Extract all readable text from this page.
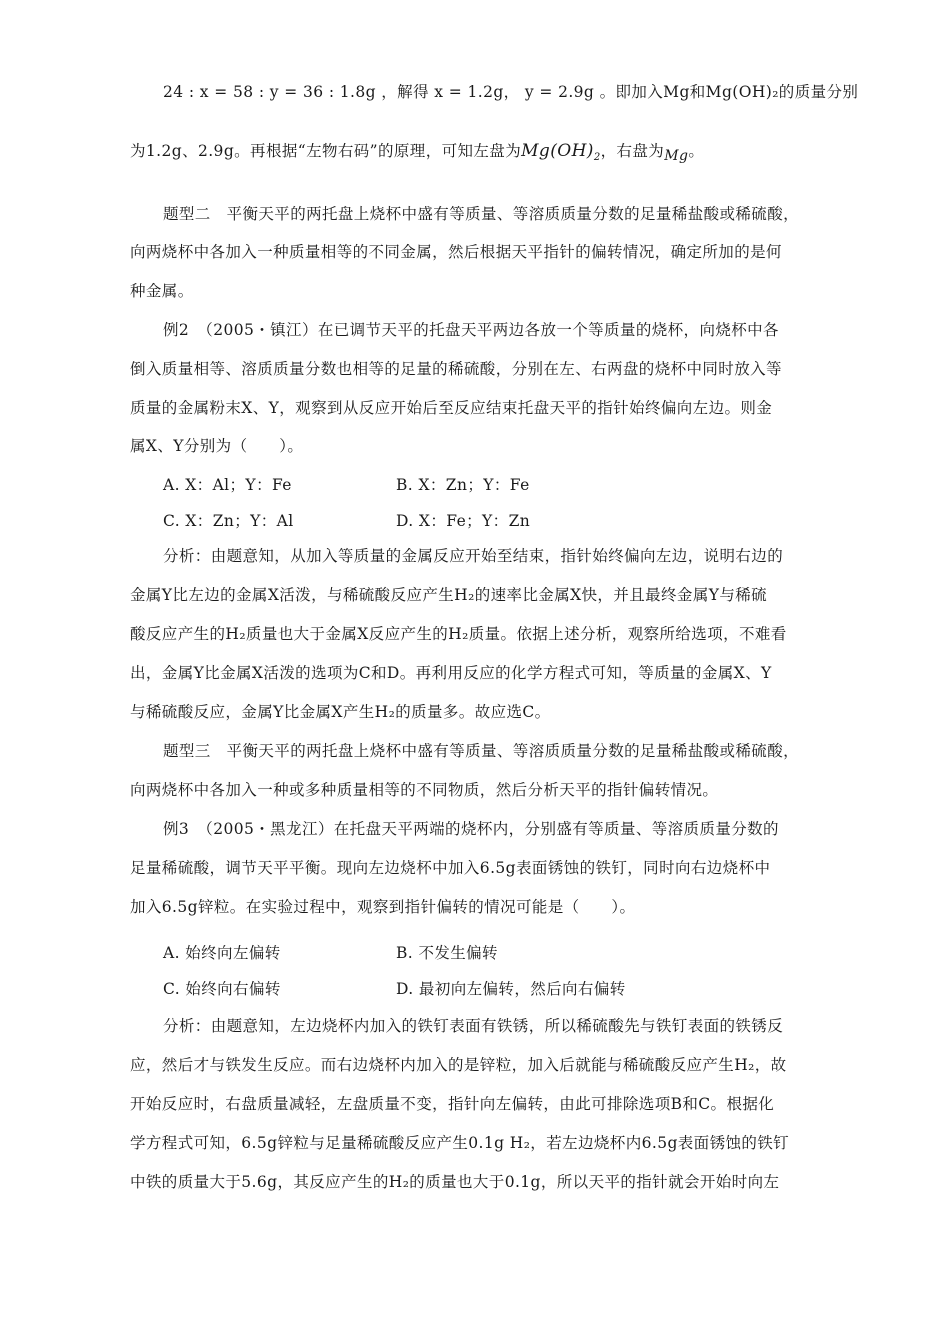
24 : x = 58 : y = 36 : 1.8g ，解得 x = 1.2g， y = 2.9g 。即加入Mg和Mg(OH)₂的质量分别
为1.2g、2.9g。再根据“左物右码”的原理，可知左盘为$Mg(OH)_2$，右盘为Mg。
题型二　平衡天平的两托盘上烧杯中盛有等质量、等溶质质量分数的足量稀盐酸或稀硫酸，
向两烧杯中各加入一种质量相等的不同金属，然后根据天平指针的偏转情况，确定所加的是何
种金属。
例2　（2005・镇江）在已调节天平的托盘天平两边各放一个等质量的烧杯，向烧杯中各
倒入质量相等、溶质质量分数也相等的足量的稀硫酸，分别在左、右两盘的烧杯中同时放入等
质量的金属粉末X、Y，观察到从反应开始后至反应结束托盘天平的指针始终偏向左边。则金
属X、Y分别为（　　）。
A. X：Al；Y：Fe	B. X：Zn；Y：Fe
C. X：Zn；Y：Al	D. X：Fe；Y：Zn
分析：由题意知，从加入等质量的金属反应开始至结束，指针始终偏向左边，说明右边的
金属Y比左边的金属X活泼，与稀硫酸反应产生H₂的速率比金属X快，并且最终金属Y与稀硫
酸反应产生的H₂质量也大于金属X反应产生的H₂质量。依据上述分析，观察所给选项，不难看
出，金属Y比金属X活泼的选项为C和D。再利用反应的化学方程式可知，等质量的金属X、Y
与稀硫酸反应，金属Y比金属X产生H₂的质量多。故应选C。
题型三　平衡天平的两托盘上烧杯中盛有等质量、等溶质质量分数的足量稀盐酸或稀硫酸，
向两烧杯中各加入一种或多种质量相等的不同物质，然后分析天平的指针偏转情况。
例3　（2005・黑龙江）在托盘天平两端的烧杯内，分别盛有等质量、等溶质质量分数的
足量稀硫酸，调节天平平衡。现向左边烧杯中加入6.5g表面锈蚀的铁钉，同时向右边烧杯中
加入6.5g锌粒。在实验过程中，观察到指针偏转的情况可能是（　　）。
A. 始终向左偏转	B. 不发生偏转
C. 始终向右偏转	D. 最初向左偏转，然后向右偏转
分析：由题意知，左边烧杯内加入的铁钉表面有铁锈，所以稀硫酸先与铁钉表面的铁锈反
应，然后才与铁发生反应。而右边烧杯内加入的是锌粒，加入后就能与稀硫酸反应产生H₂，故
开始反应时，右盘质量减轻，左盘质量不变，指针向左偏转，由此可排除选项B和C。根据化
学方程式可知，6.5g锌粒与足量稀硫酸反应产生0.1g H₂，若左边烧杯内6.5g表面锈蚀的铁钉
中铁的质量大于5.6g，其反应产生的H₂的质量也大于0.1g，所以天平的指针就会开始时向左
